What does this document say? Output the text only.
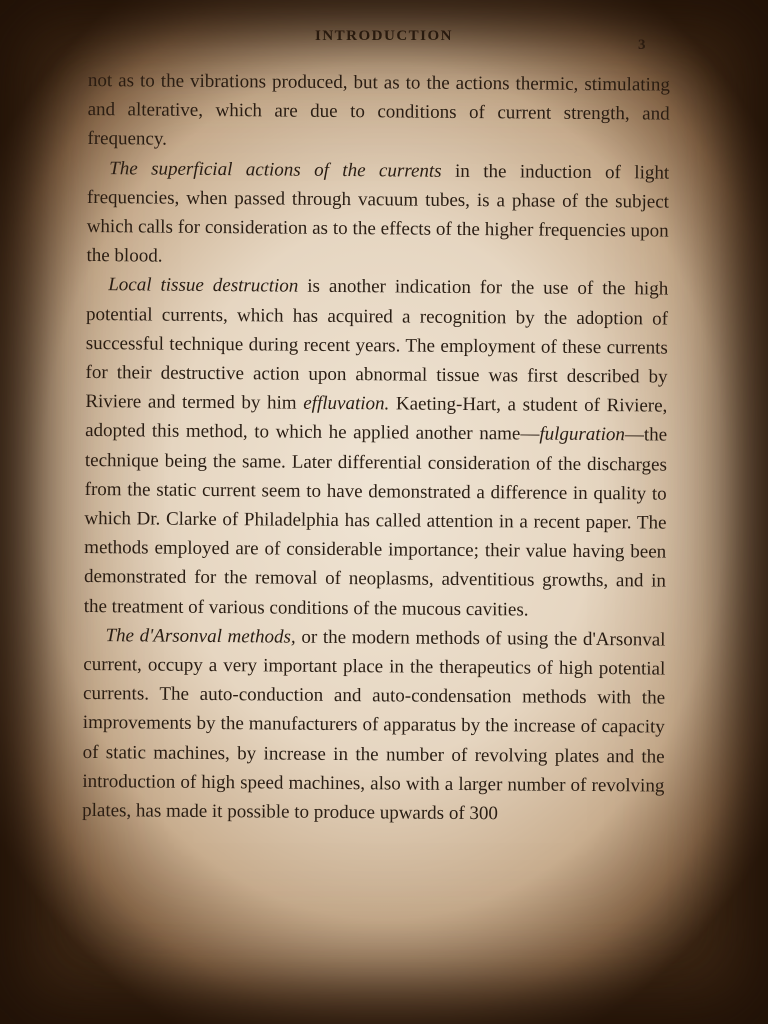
INTRODUCTION
3

not as to the vibrations produced, but as to the actions thermic, stimulating and alterative, which are due to conditions of current strength, and frequency.

The superficial actions of the currents in the induction of light frequencies, when passed through vacuum tubes, is a phase of the subject which calls for consideration as to the effects of the higher frequencies upon the blood.

Local tissue destruction is another indication for the use of the high potential currents, which has acquired a recognition by the adoption of successful technique during recent years. The employment of these currents for their destructive action upon abnormal tissue was first described by Riviere and termed by him effluvation. Kaeting-Hart, a student of Riviere, adopted this method, to which he applied another name—fulguration—the technique being the same. Later differential consideration of the discharges from the static current seem to have demonstrated a difference in quality to which Dr. Clarke of Philadelphia has called attention in a recent paper. The methods employed are of considerable importance; their value having been demonstrated for the removal of neoplasms, adventitious growths, and in the treatment of various conditions of the mucous cavities.

The d'Arsonval methods, or the modern methods of using the d'Arsonval current, occupy a very important place in the therapeutics of high potential currents. The auto-conduction and auto-condensation methods with the improvements by the manufacturers of apparatus by the increase of capacity of static machines, by increase in the number of revolving plates and the introduction of high speed machines, also with a larger number of revolving plates, has made it possible to produce upwards of 300
